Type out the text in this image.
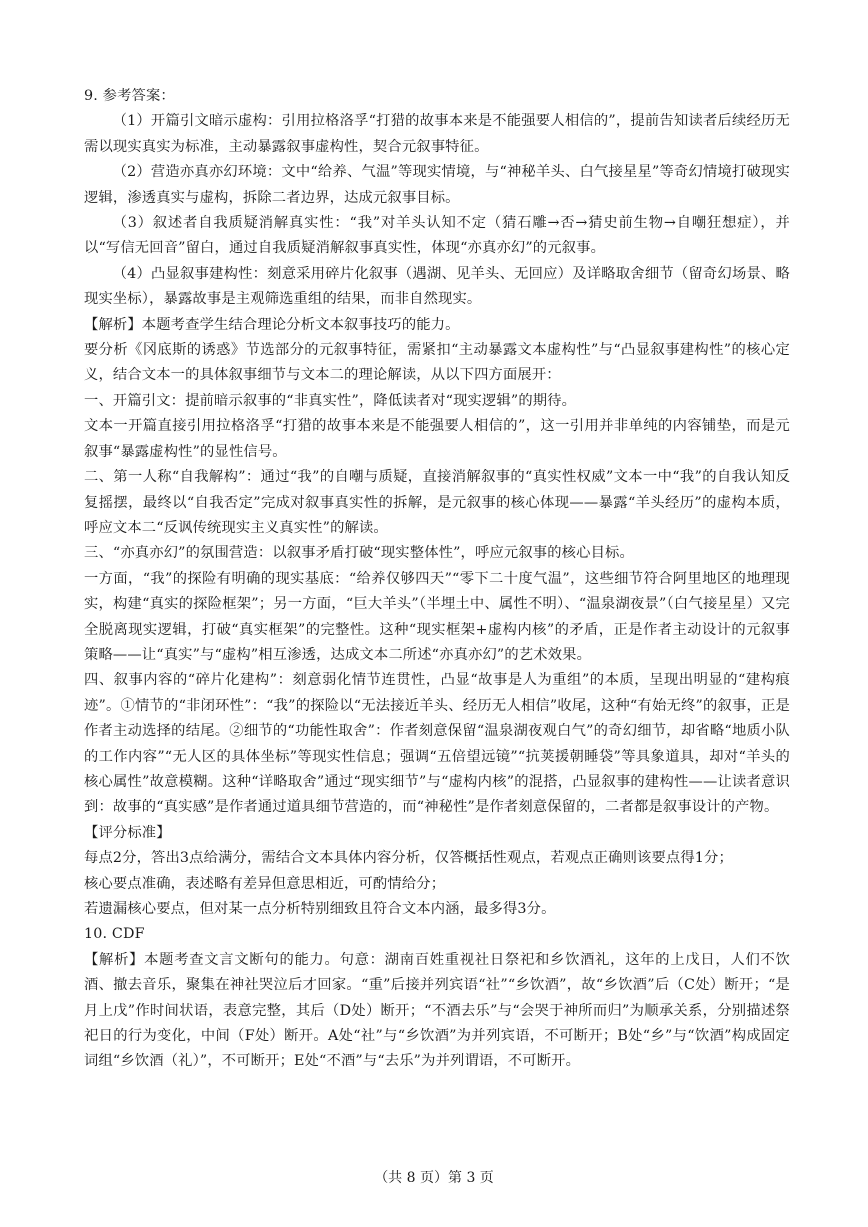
9. 参考答案：

（1）开篇引文暗示虚构：引用拉格洛孚“打猎的故事本来是不能强要人相信的”，提前告知读者后续经历无需以现实真实为标准，主动暴露叙事虚构性，契合元叙事特征。

（2）营造亦真亦幻环境：文中“给养、气温”等现实情境，与“神秘羊头、白气接星星”等奇幻情境打破现实逻辑，渗透真实与虚构，拆除二者边界，达成元叙事目标。

（3）叙述者自我质疑消解真实性：“我”对羊头认知不定（猜石雕→否→猜史前生物→自嘲狂想症），并以“写信无回音”留白，通过自我质疑消解叙事真实性，体现“亦真亦幻”的元叙事。

（4）凸显叙事建构性：刻意采用碎片化叙事（遇湖、见羊头、无回应）及详略取舍细节（留奇幻场景、略现实坐标），暴露故事是主观筛选重组的结果，而非自然现实。

【解析】本题考查学生结合理论分析文本叙事技巧的能力。

要分析《冈底斯的诱惑》节选部分的元叙事特征，需紧扣“主动暴露文本虚构性”与“凸显叙事建构性”的核心定义，结合文本一的具体叙事细节与文本二的理论解读，从以下四方面展开：

一、开篇引文：提前暗示叙事的“非真实性”，降低读者对“现实逻辑”的期待。

文本一开篇直接引用拉格洛孚“打猎的故事本来是不能强要人相信的”，这一引用并非单纯的内容铺垫，而是元叙事“暴露虚构性”的显性信号。

二、第一人称“自我解构”：通过“我”的自嘲与质疑，直接消解叙事的“真实性权威”文本一中“我”的自我认知反复摇摆，最终以“自我否定”完成对叙事真实性的拆解，是元叙事的核心体现——暴露“羊头经历”的虚构本质，呼应文本二“反讽传统现实主义真实性”的解读。

三、“亦真亦幻”的氛围营造：以叙事矛盾打破“现实整体性”，呼应元叙事的核心目标。

一方面，“我”的探险有明确的现实基底：“给养仅够四天”“零下二十度气温”，这些细节符合阿里地区的地理现实，构建“真实的探险框架”；另一方面，“巨大羊头”（半埋土中、属性不明）、“温泉湖夜景”（白气接星星）又完全脱离现实逻辑，打破“真实框架”的完整性。这种“现实框架+虚构内核”的矛盾，正是作者主动设计的元叙事策略——让“真实”与“虚构”相互渗透，达成文本二所述“亦真亦幻”的艺术效果。

四、叙事内容的“碎片化建构”：刻意弱化情节连贯性，凸显“故事是人为重组”的本质，呈现出明显的“建构痕迹”。①情节的“非闭环性”：“我”的探险以“无法接近羊头、经历无人相信”收尾，这种“有始无终”的叙事，正是作者主动选择的结尾。②细节的“功能性取舍”：作者刻意保留“温泉湖夜观白气”的奇幻细节，却省略“地质小队的工作内容”“无人区的具体坐标”等现实性信息；强调“五倍望远镜”“抗荚援朝睡袋”等具象道具，却对“羊头的核心属性”故意模糊。这种“详略取舍”通过“现实细节”与“虚构内核”的混搭，凸显叙事的建构性——让读者意识到：故事的“真实感”是作者通过道具细节营造的，而“神秘性”是作者刻意保留的，二者都是叙事设计的产物。

【评分标准】

每点2分，答出3点给满分，需结合文本具体内容分析，仅答概括性观点，若观点正确则该要点得1分；

核心要点准确，表述略有差异但意思相近，可酌情给分；

若遗漏核心要点，但对某一点分析特别细致且符合文本内涵，最多得3分。

10. CDF

【解析】本题考查文言文断句的能力。句意：湖南百姓重视社日祭祀和乡饮酒礼，这年的上戊日，人们不饮酒、撤去音乐，聚集在神社哭泣后才回家。“重”后接并列宾语“社”“乡饮酒”，故“乡饮酒”后（C处）断开；“是月上戊”作时间状语，表意完整，其后（D处）断开；“不酒去乐”与“会哭于神所而归”为顺承关系，分别描述祭祀日的行为变化，中间（F处）断开。A处“社”与“乡饮酒”为并列宾语，不可断开；B处“乡”与“饮酒”构成固定词组“乡饮酒（礼）”，不可断开；E处“不酒”与“去乐”为并列谓语，不可断开。

（共 8 页）第 3 页
